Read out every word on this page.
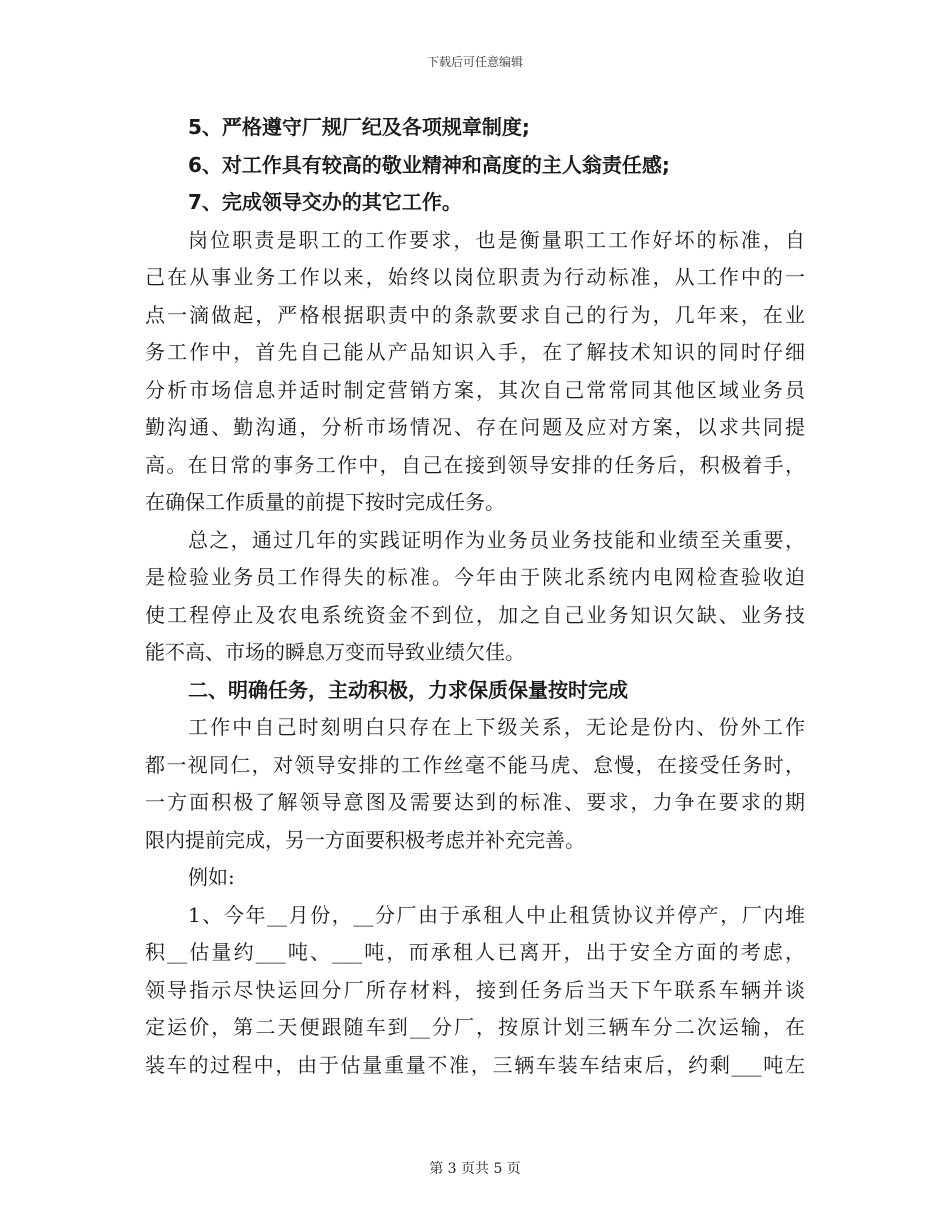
下载后可任意编辑
5、严格遵守厂规厂纪及各项规章制度;
6、对工作具有较高的敬业精神和高度的主人翁责任感;
7、完成领导交办的其它工作。
岗位职责是职工的工作要求，也是衡量职工工作好坏的标准，自
己在从事业务工作以来，始终以岗位职责为行动标准，从工作中的一
点一滴做起，严格根据职责中的条款要求自己的行为，几年来，在业
务工作中，首先自己能从产品知识入手，在了解技术知识的同时仔细
分析市场信息并适时制定营销方案，其次自己常常同其他区域业务员
勤沟通、勤沟通，分析市场情况、存在问题及应对方案，以求共同提
高。在日常的事务工作中，自己在接到领导安排的任务后，积极着手，
在确保工作质量的前提下按时完成任务。
总之，通过几年的实践证明作为业务员业务技能和业绩至关重要，
是检验业务员工作得失的标准。今年由于陕北系统内电网检查验收迫
使工程停止及农电系统资金不到位，加之自己业务知识欠缺、业务技
能不高、市场的瞬息万变而导致业绩欠佳。
二、明确任务，主动积极，力求保质保量按时完成
工作中自己时刻明白只存在上下级关系，无论是份内、份外工作
都一视同仁，对领导安排的工作丝毫不能马虎、怠慢，在接受任务时，
一方面积极了解领导意图及需要达到的标准、要求，力争在要求的期
限内提前完成，另一方面要积极考虑并补充完善。
例如:
1、今年__月份，__分厂由于承租人中止租赁协议并停产，厂内堆
积__估量约___吨、___吨，而承租人已离开，出于安全方面的考虑，
领导指示尽快运回分厂所存材料，接到任务后当天下午联系车辆并谈
定运价，第二天便跟随车到__分厂，按原计划三辆车分二次运输，在
装车的过程中，由于估量重量不准，三辆车装车结束后，约剩___吨左
第 3 页共 5 页
